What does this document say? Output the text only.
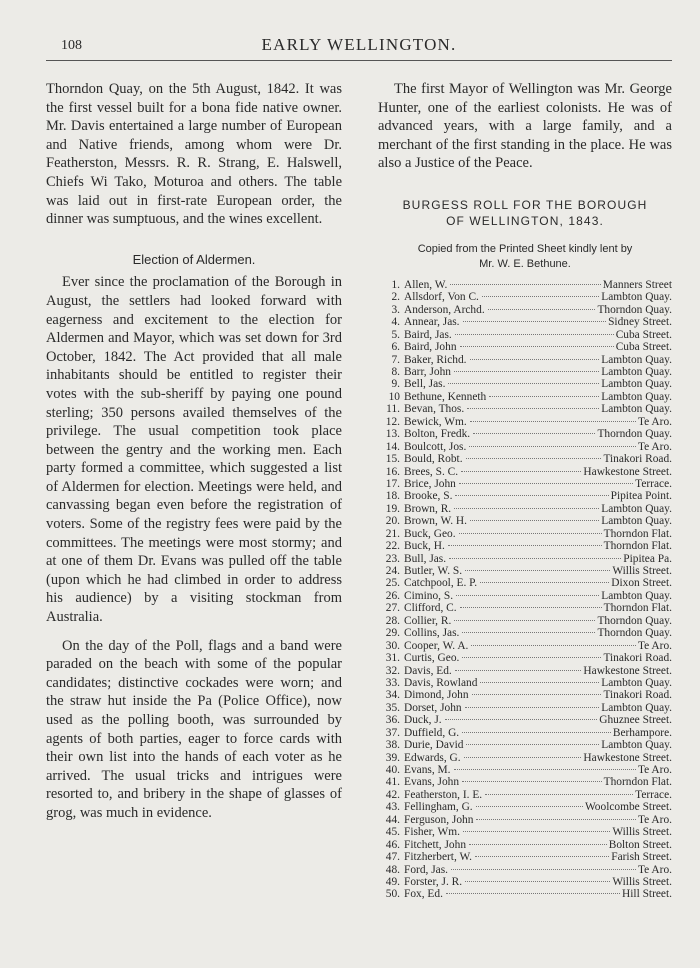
108	EARLY WELLINGTON.

Thorndon Quay, on the 5th August, 1842. It was the first vessel built for a bona fide native owner. Mr. Davis entertained a large number of European and Native friends, among whom were Dr. Featherston, Messrs. R. R. Strang, E. Halswell, Chiefs Wi Tako, Moturoa and others. The table was laid out in first-rate European order, the dinner was sumptuous, and the wines excellent.

Election of Aldermen.

Ever since the proclamation of the Borough in August, the settlers had looked forward with eagerness and excitement to the election for Aldermen and Mayor, which was set down for 3rd October, 1842. The Act provided that all male inhabitants should be entitled to register their votes with the sub-sheriff by paying one pound sterling; 350 persons availed themselves of the privilege. The usual competition took place between the gentry and the working men. Each party formed a committee, which suggested a list of Aldermen for election. Meetings were held, and canvassing began even before the registration of voters. Some of the registry fees were paid by the committees. The meetings were most stormy; and at one of them Dr. Evans was pulled off the table (upon which he had climbed in order to address his audience) by a visiting stockman from Australia.

On the day of the Poll, flags and a band were paraded on the beach with some of the popular candidates; distinctive cockades were worn; and the straw hut inside the Pa (Police Office), now used as the polling booth, was surrounded by agents of both parties, eager to force cards with their own list into the hands of each voter as he arrived. The usual tricks and intrigues were resorted to, and bribery in the shape of glasses of grog, was much in evidence.

The first Mayor of Wellington was Mr. George Hunter, one of the earliest colonists. He was of advanced years, with a large family, and a merchant of the first standing in the place. He was also a Justice of the Peace.

BURGESS ROLL FOR THE BOROUGH
OF WELLINGTON, 1843.
Copied from the Printed Sheet kindly lent by
Mr. W. E. Bethune.
1. Allen, W.	Manners Street
2. Allsdorf, Von C.	Lambton Quay.
3. Anderson, Archd.	Thorndon Quay.
4. Annear, Jas.	Sidney Street.
5. Baird, Jas.	Cuba Street.
6. Baird, John	Cuba Street.
7. Baker, Richd.	Lambton Quay.
8. Barr, John	Lambton Quay.
9. Bell, Jas.	Lambton Quay.
10 Bethune, Kenneth	Lambton Quay.
11. Bevan, Thos.	Lambton Quay.
12. Bewick, Wm.	Te Aro.
13. Bolton, Fredk.	Thorndon Quay.
14. Boulcott, Jos.	Te Aro.
15. Bould, Robt.	Tinakori Road.
16. Brees, S. C.	Hawkestone Street.
17. Brice, John	Terrace.
18. Brooke, S.	Pipitea Point.
19. Brown, R.	Lambton Quay.
20. Brown, W. H.	Lambton Quay.
21. Buck, Geo.	Thorndon Flat.
22. Buck, H.	Thorndon Flat.
23. Bull, Jas.	Pipitea Pa.
24. Butler, W. S.	Willis Street.
25. Catchpool, E. P.	Dixon Street.
26. Cimino, S.	Lambton Quay.
27. Clifford, C.	Thorndon Flat.
28. Collier, R.	Thorndon Quay.
29. Collins, Jas.	Thorndon Quay.
30. Cooper, W. A.	Te Aro.
31. Curtis, Geo.	Tinakori Road.
32. Davis, Ed.	Hawkestone Street.
33. Davis, Rowland	Lambton Quay.
34. Dimond, John	Tinakori Road.
35. Dorset, John	Lambton Quay.
36. Duck, J.	Ghuznee Street.
37. Duffield, G.	Berhampore.
38. Durie, David	Lambton Quay.
39. Edwards, G.	Hawkestone Street.
40. Evans, M.	Te Aro.
41. Evans, John	Thorndon Flat.
42. Featherston, I. E.	Terrace.
43. Fellingham, G.	Woolcombe Street.
44. Ferguson, John	Te Aro.
45. Fisher, Wm.	Willis Street.
46. Fitchett, John	Bolton Street.
47. Fitzherbert, W.	Farish Street.
48. Ford, Jas.	Te Aro.
49. Forster, J. R.	Willis Street.
50. Fox, Ed.	Hill Street.
